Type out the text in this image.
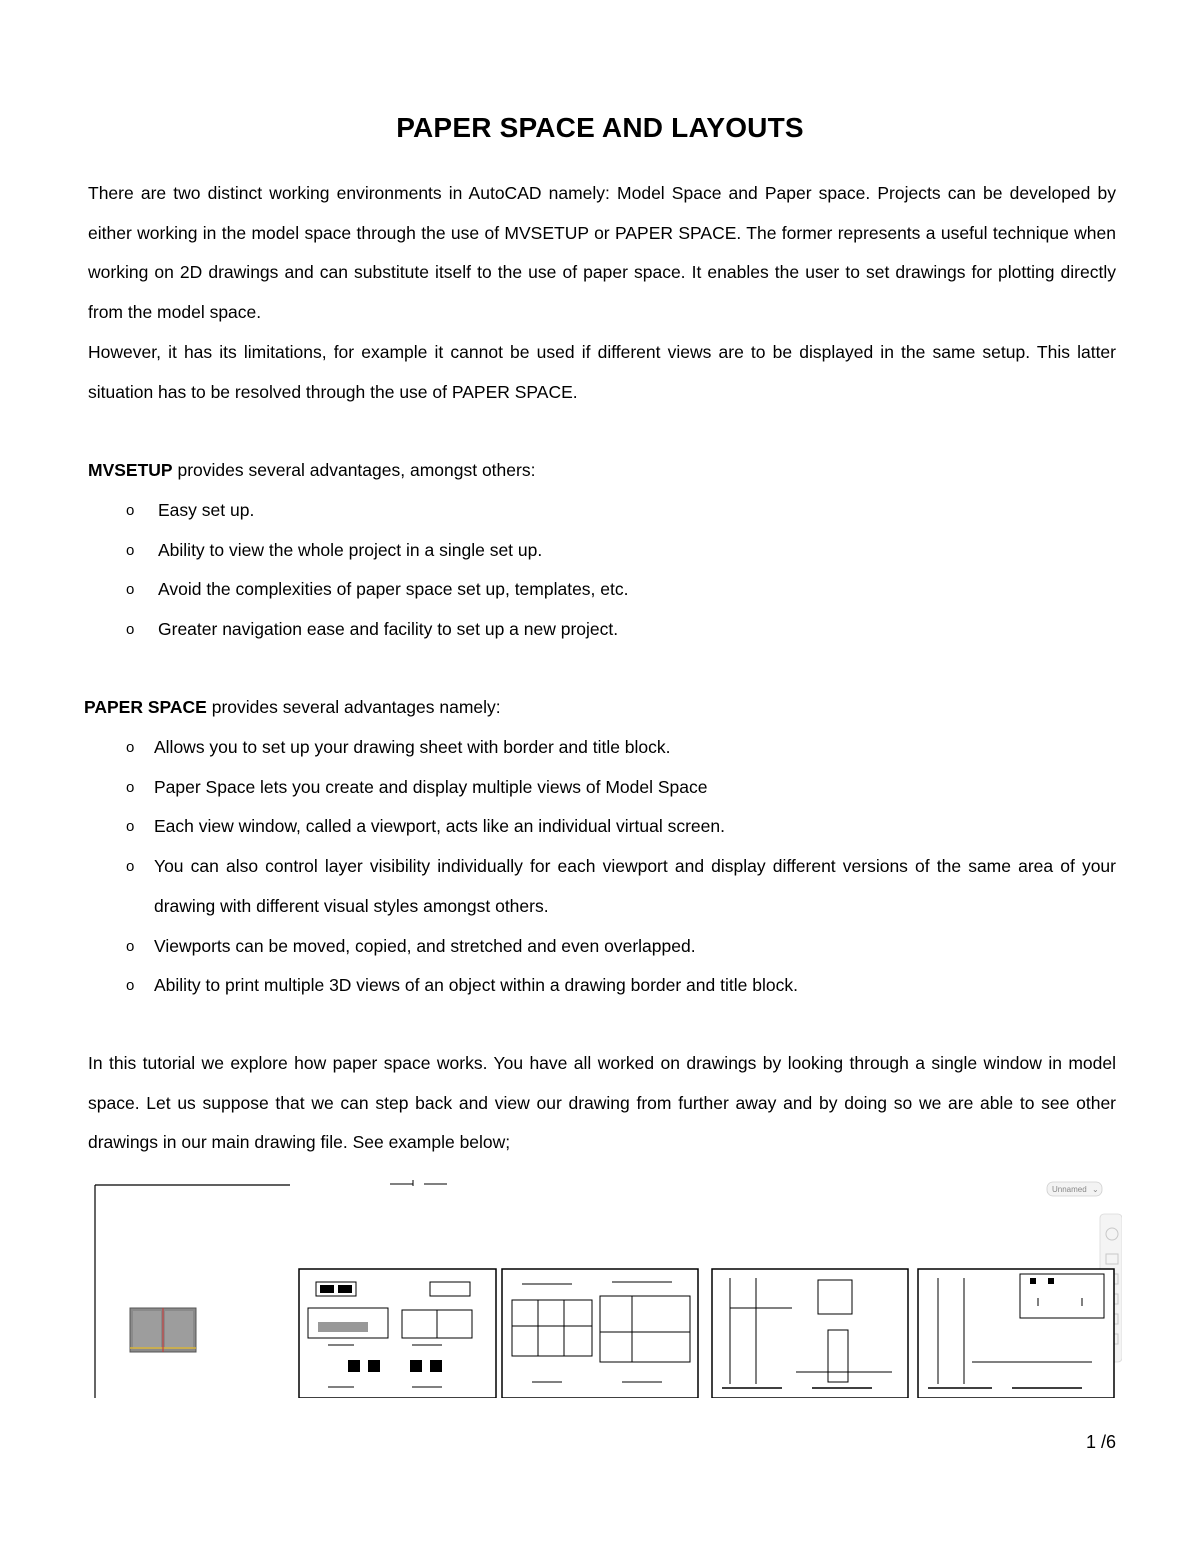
PAPER SPACE AND LAYOUTS

There are two distinct working environments in AutoCAD namely: Model Space and Paper space. Projects can be developed by either working in the model space through the use of MVSETUP or PAPER SPACE. The former represents a useful technique when working on 2D drawings and can substitute itself to the use of paper space. It enables the user to set drawings for plotting directly from the model space.

However, it has its limitations, for example it cannot be used if different views are to be displayed in the same setup. This latter situation has to be resolved through the use of PAPER SPACE.

MVSETUP provides several advantages, amongst others:

o Easy set up.
o Ability to view the whole project in a single set up.
o Avoid the complexities of paper space set up, templates, etc.
o Greater navigation ease and facility to set up a new project.

PAPER SPACE provides several advantages namely:

o Allows you to set up your drawing sheet with border and title block.
o Paper Space lets you create and display multiple views of Model Space
o Each view window, called a viewport, acts like an individual virtual screen.
o You can also control layer visibility individually for each viewport and display different versions of the same area of your drawing with different visual styles amongst others.
o Viewports can be moved, copied, and stretched and even overlapped.
o Ability to print multiple 3D views of an object within a drawing border and title block.

In this tutorial we explore how paper space works. You have all worked on drawings by looking through a single window in model space. Let us suppose that we can step back and view our drawing from further away and by doing so we are able to see other drawings in our main drawing file. See example below;

Unnamed ⌄
1 /6
